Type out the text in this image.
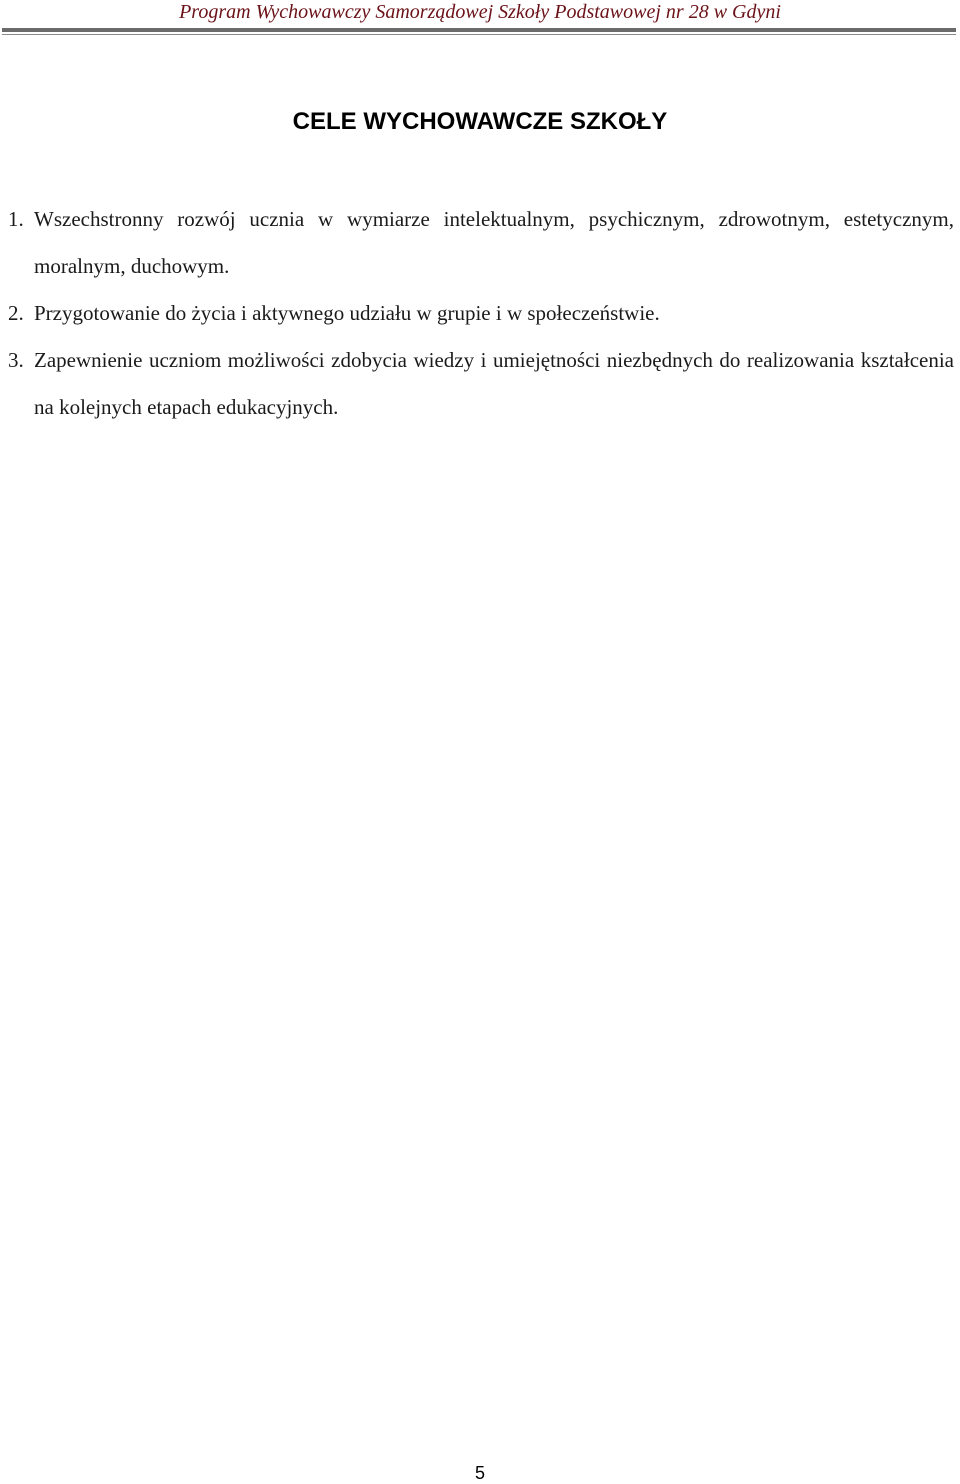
Program Wychowawczy Samorządowej Szkoły Podstawowej nr 28 w Gdyni
CELE WYCHOWAWCZE SZKOŁY
1. Wszechstronny rozwój ucznia w wymiarze intelektualnym, psychicznym, zdrowotnym, estetycznym, moralnym, duchowym.
2. Przygotowanie do życia i aktywnego udziału w grupie i w społeczeństwie.
3. Zapewnienie uczniom możliwości zdobycia wiedzy i umiejętności niezbędnych do realizowania kształcenia na kolejnych etapach edukacyjnych.
5
